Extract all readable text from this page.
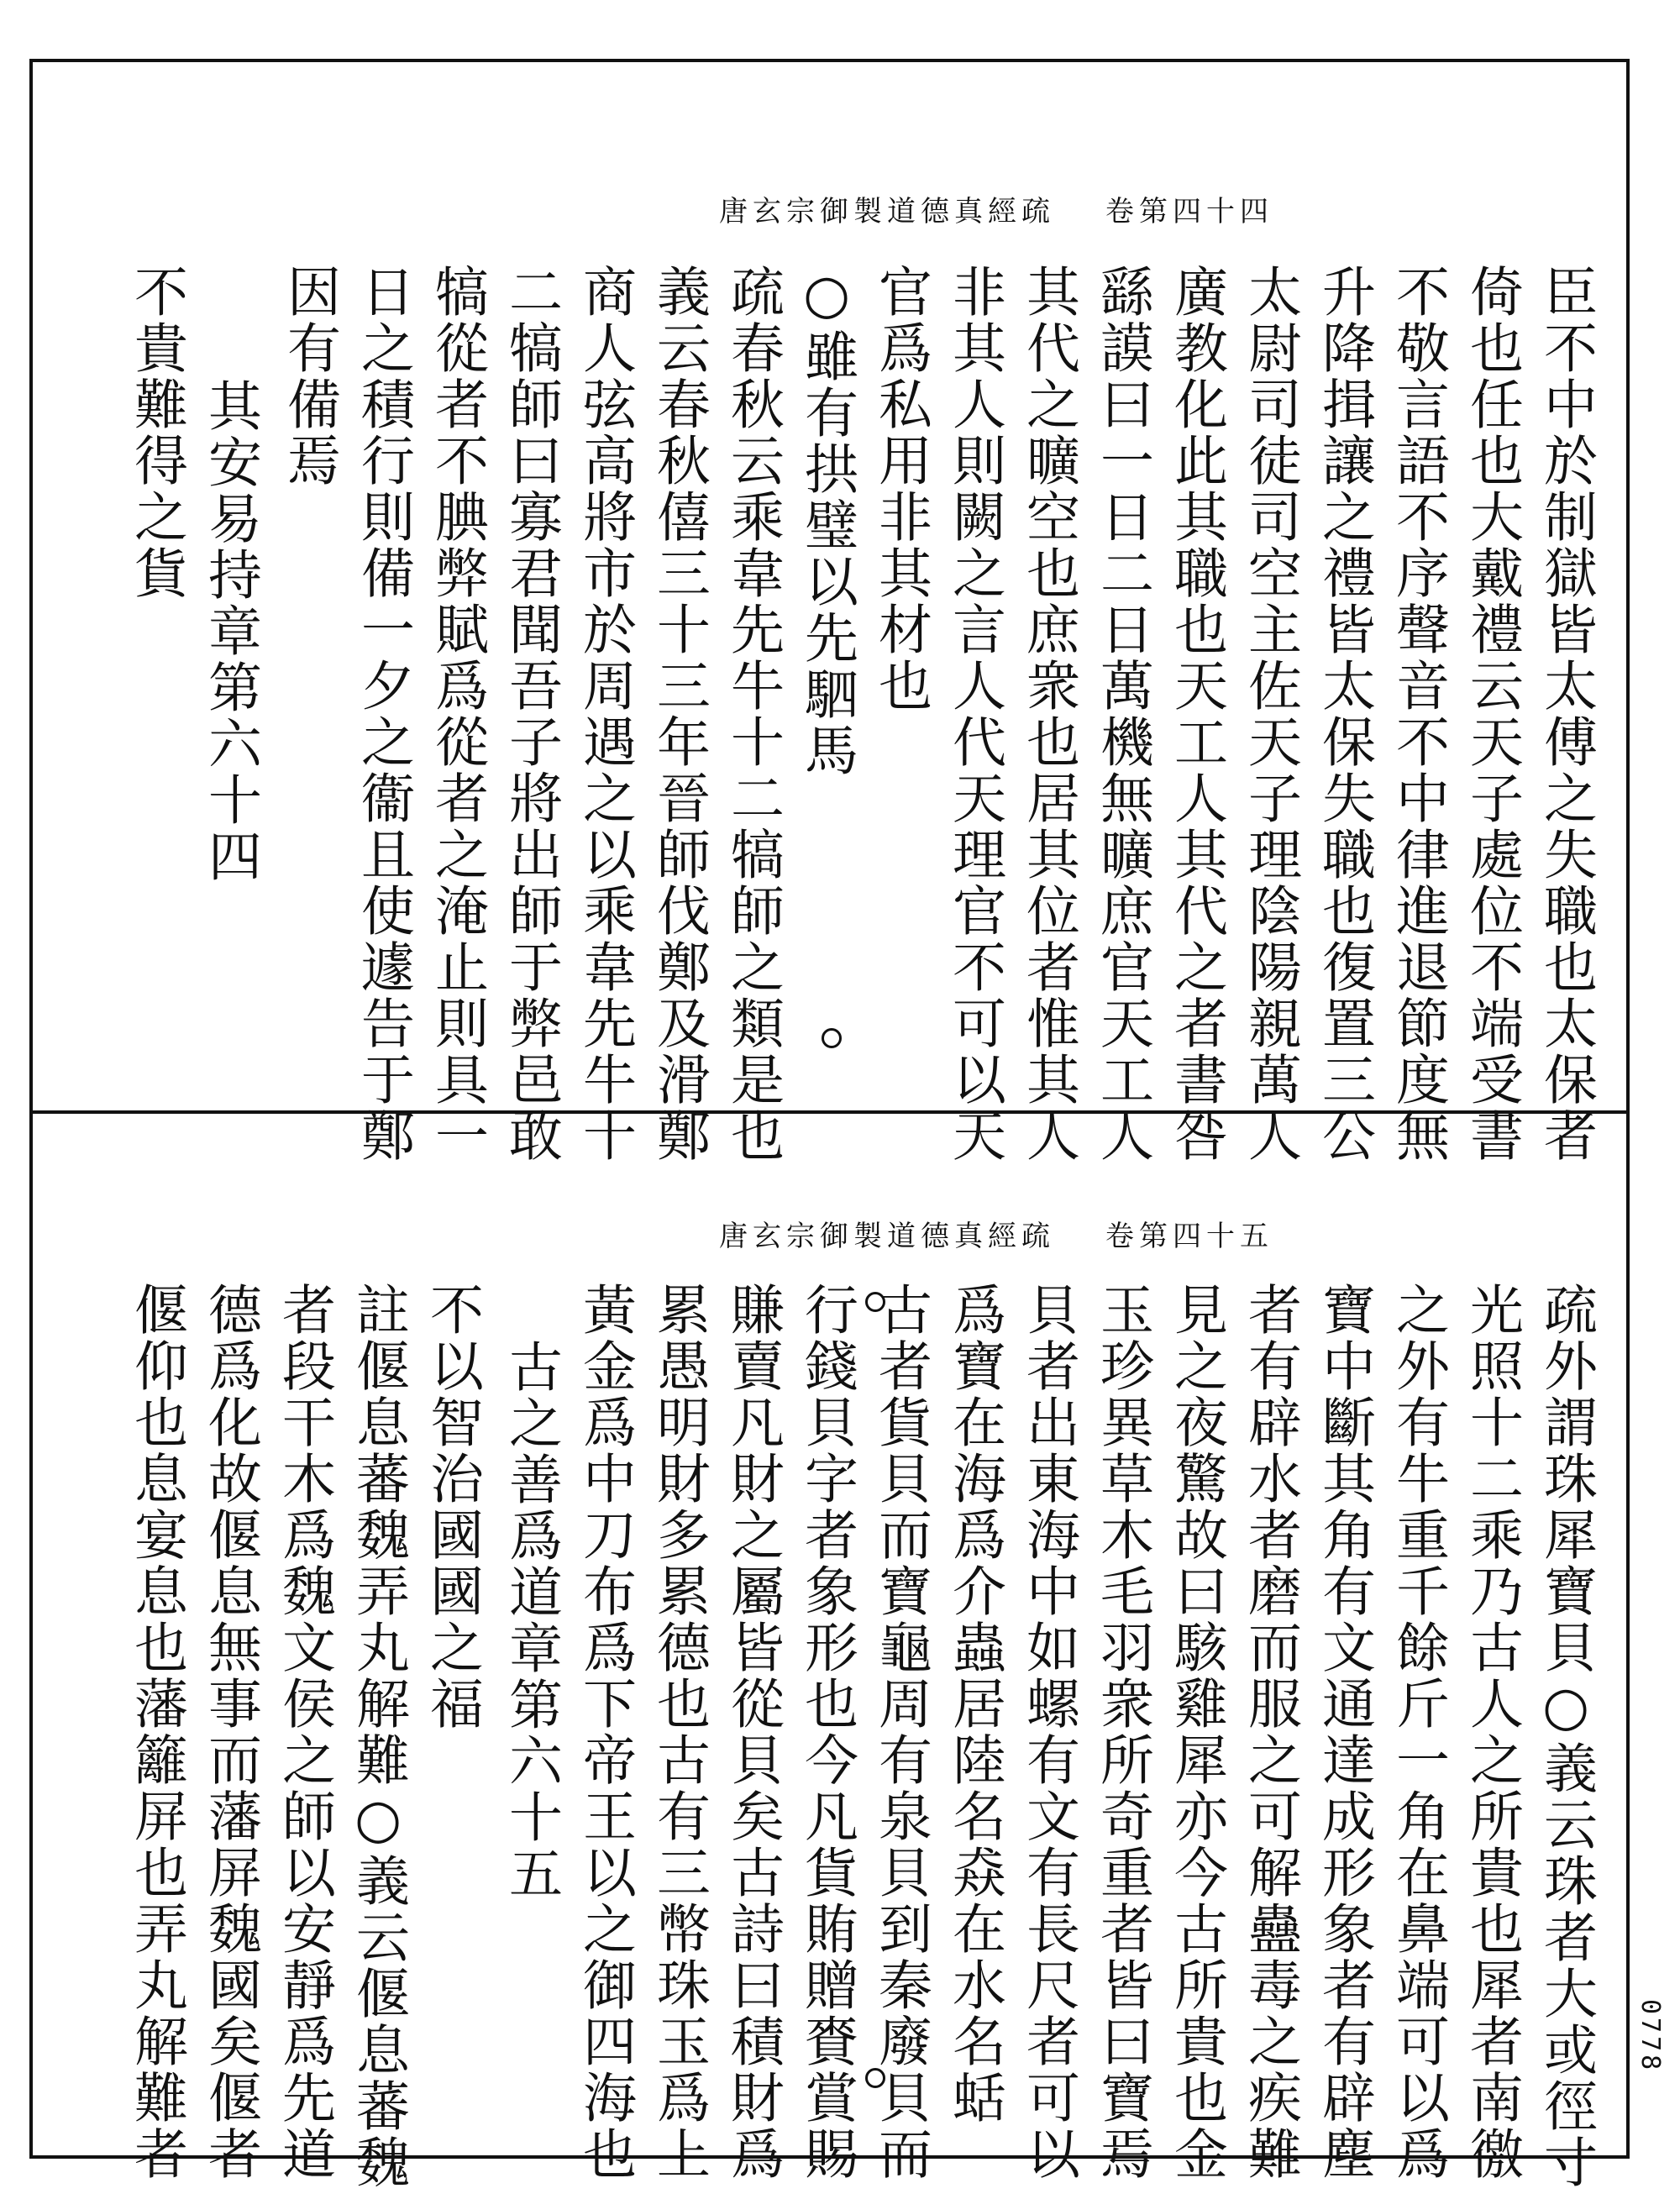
唐玄宗御製道德真經疏 卷第四十四
臣不中於制獄皆太傅之失職也太保者
倚也任也大戴禮云天子處位不端受書
不敬言語不序聲音不中律進退節度無
升降揖讓之禮皆太保失職也復置三公
太尉司徒司空主佐天子理陰陽親萬人
廣教化此其職也天工人其代之者書咎
繇謨曰一日二日萬機無曠庶官天工人
其代之曠空也庶衆也居其位者惟其人
非其人則闕之言人代天理官不可以天
官爲私用非其材也
○雖有拱璧以先駟馬
疏春秋云乘韋先牛十二犒師之類是也
義云春秋僖三十三年晉師伐鄭及滑鄭
商人弦高將市於周遇之以乘韋先牛十
二犒師曰寡君聞吾子將出師于弊邑敢
犒從者不腆弊賦爲從者之淹止則具一
日之積行則備一夕之衞且使遽告于鄭
因有備焉
其安易持章第六十四
不貴難得之貨
唐玄宗御製道德真經疏 卷第四十五
疏外謂珠犀寶貝○義云珠者大或徑寸
光照十二乘乃古人之所貴也犀者南徼
之外有牛重千餘斤一角在鼻端可以爲
寶中斷其角有文通達成形象者有辟塵
者有辟水者磨而服之可解蠱毒之疾難
見之夜驚故曰駭雞犀亦今古所貴也金
玉珍異草木毛羽衆所奇重者皆曰寶焉
貝者出東海中如螺有文有長尺者可以
爲寶在海爲介蟲居陸名猋在水名蛞
古者貨貝而寶龜周有泉貝到秦廢貝而
行錢貝字者象形也今凡貨賄贈賚賞賜
賺賣凡財之屬皆從貝矣古詩曰積財爲
累愚明財多累德也古有三幣珠玉爲上
黃金爲中刀布爲下帝王以之御四海也
古之善爲道章第六十五
不以智治國國之福
註偃息蕃魏弄丸解難○義云偃息蕃魏
者段干木爲魏文侯之師以安靜爲先道
德爲化故偃息無事而藩屏魏國矣偃者
偃仰也息宴息也藩籬屏也弄丸解難者	0778
